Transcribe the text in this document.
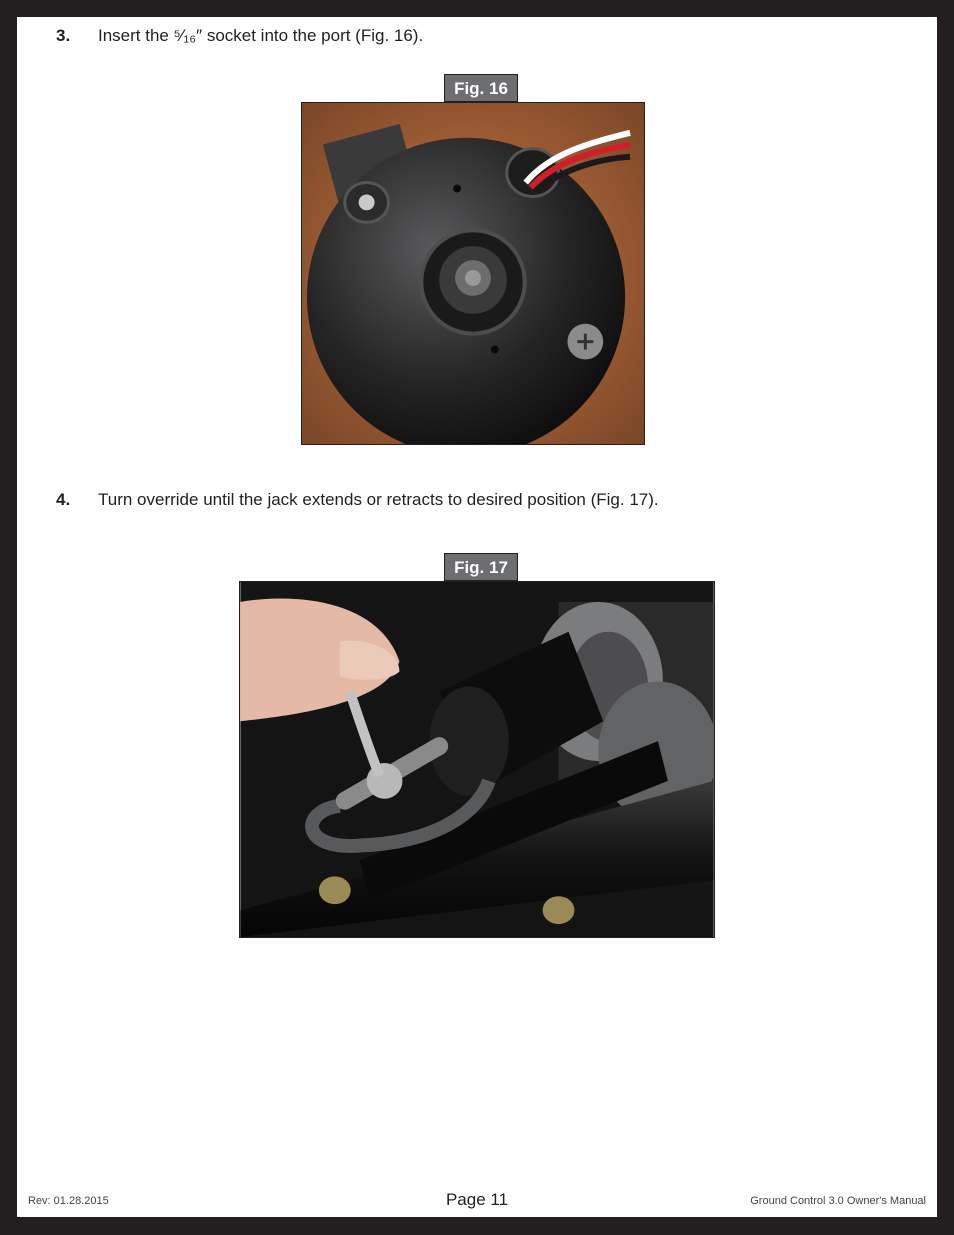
3. Insert the ⁵⁄₁₆″ socket into the port (Fig. 16).
Fig. 16
4. Turn override until the jack extends or retracts to desired position (Fig. 17).
Fig. 17
Rev: 01.28.2015	Page 11	Ground Control 3.0 Owner's Manual
